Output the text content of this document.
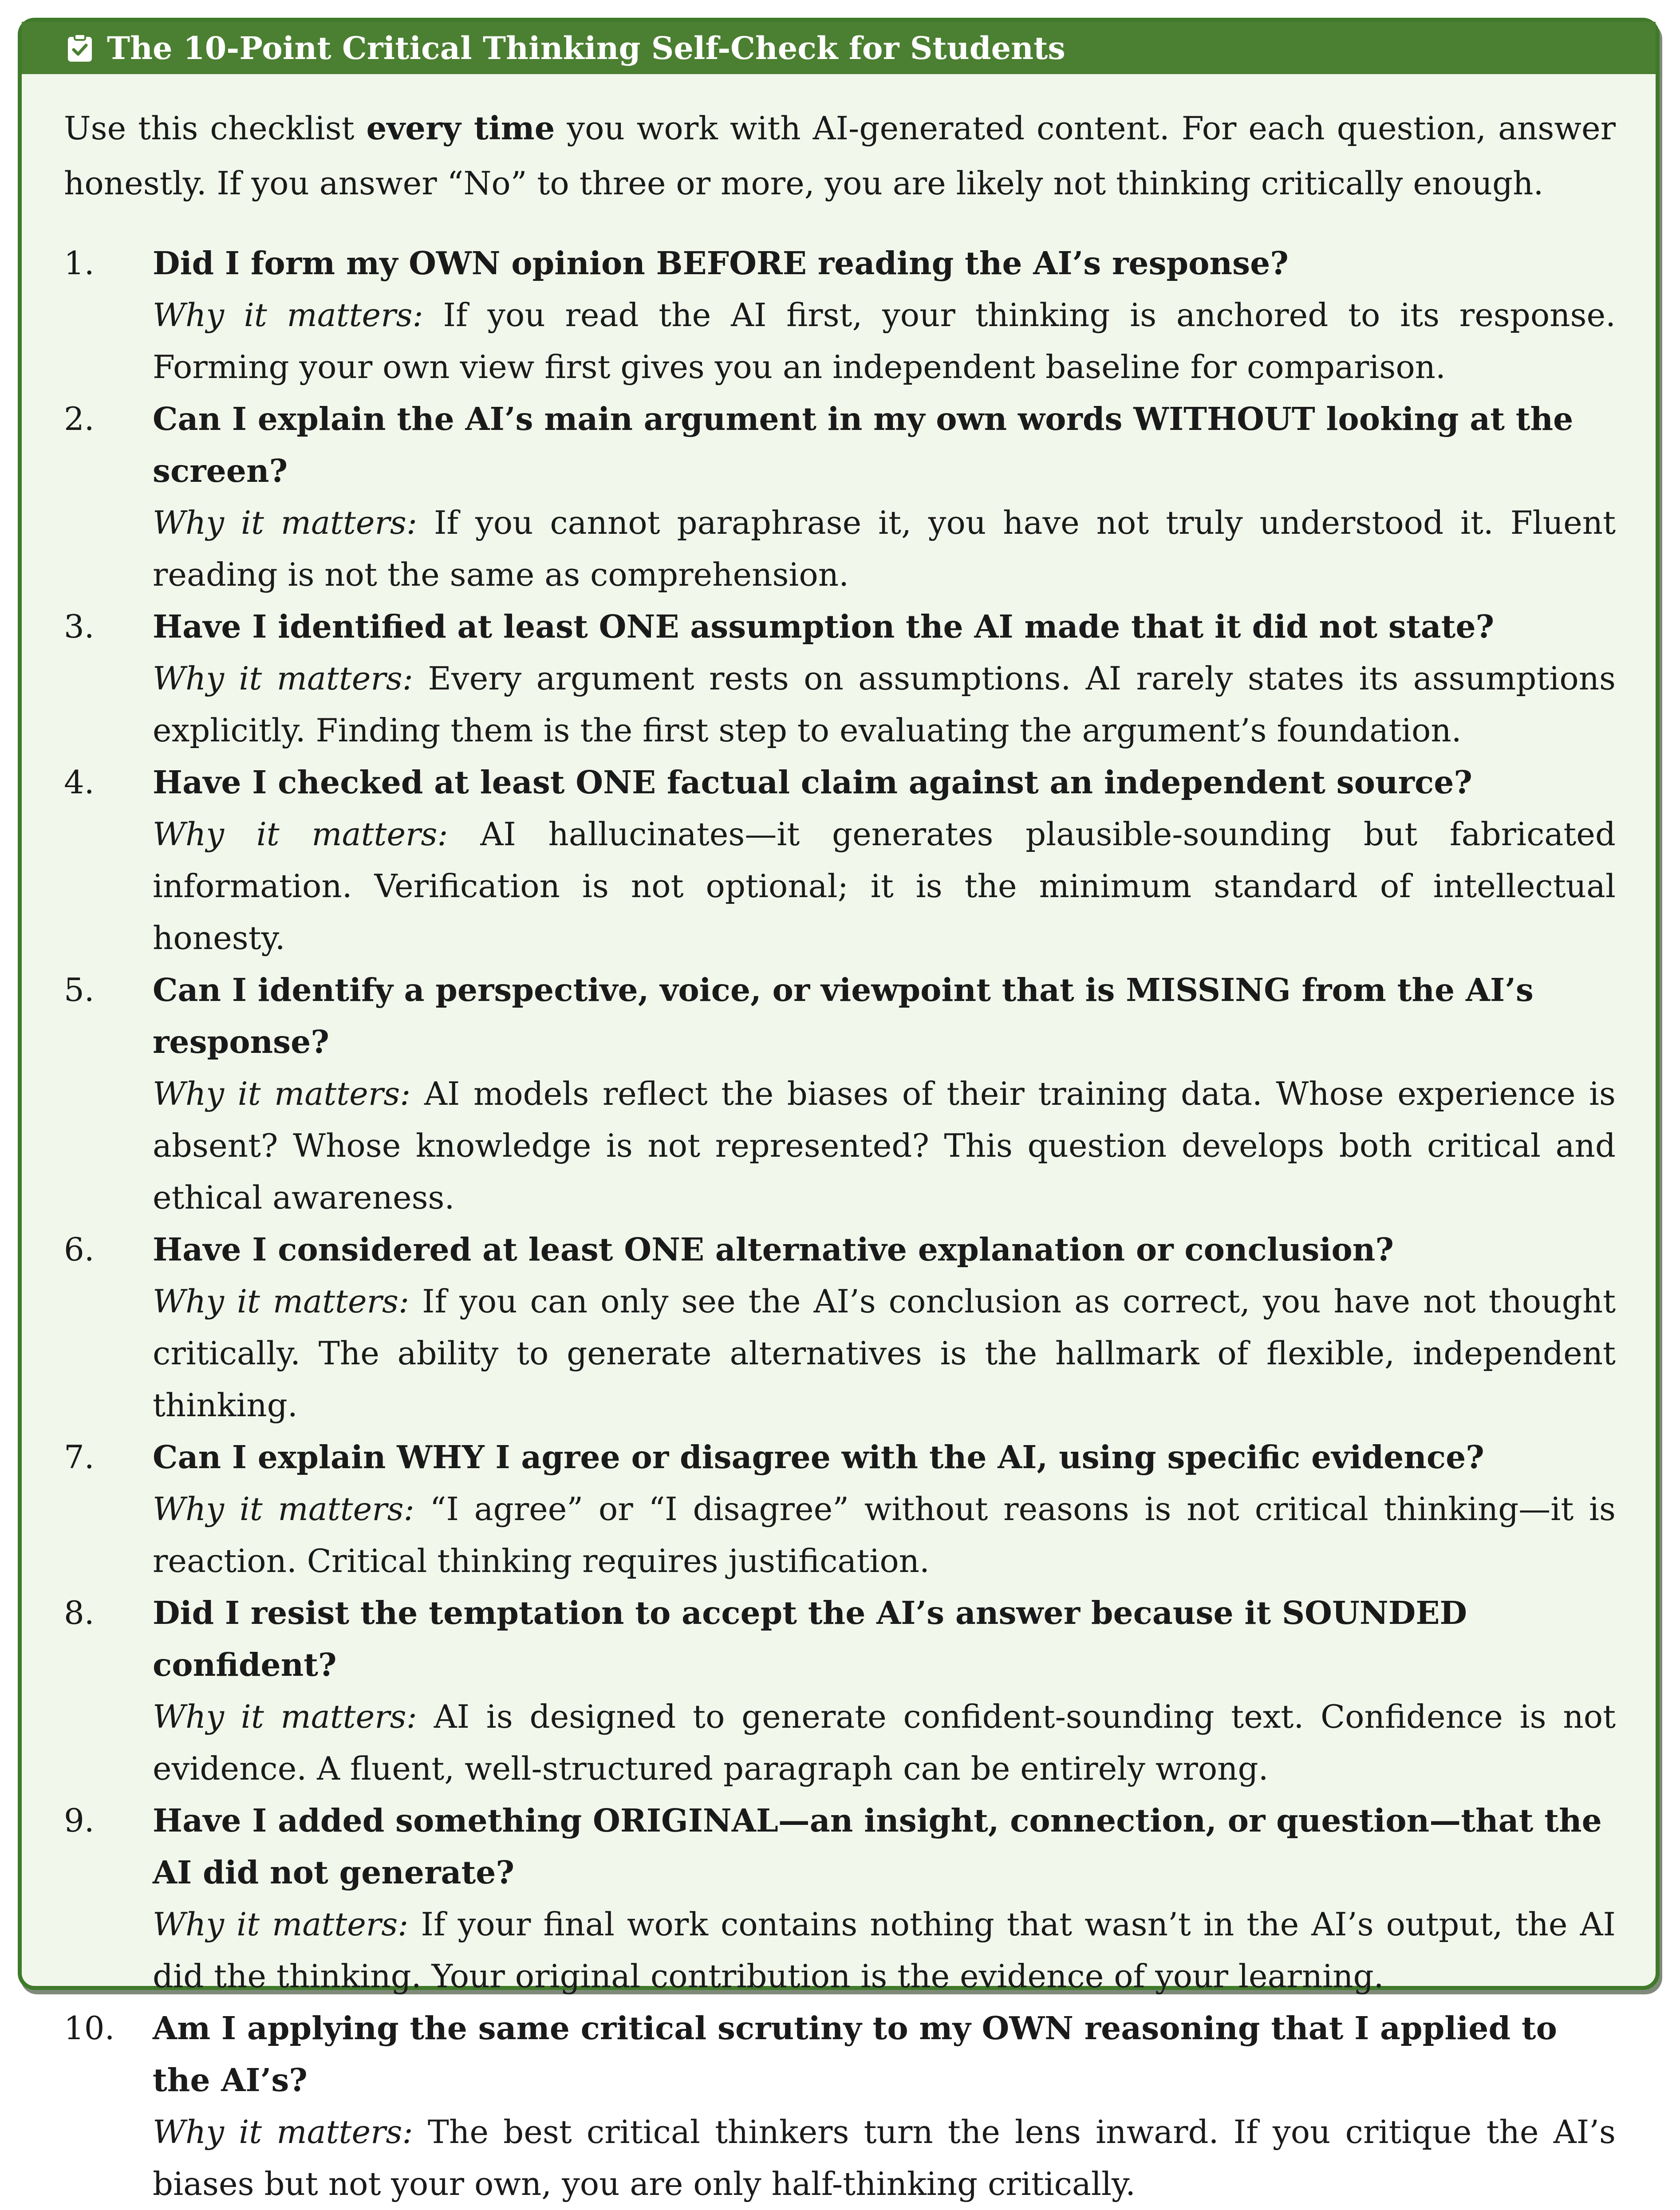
The 10-Point Critical Thinking Self-Check for Students

Use this checklist every time you work with AI-generated content. For each question, answer honestly. If you answer “No” to three or more, you are likely not thinking critically enough.

1.	Did I form my OWN opinion BEFORE reading the AI’s response?
Why it matters: If you read the AI first, your thinking is anchored to its response. Forming your own view first gives you an independent baseline for comparison.
2.	Can I explain the AI’s main argument in my own words WITHOUT looking at the screen?
Why it matters: If you cannot paraphrase it, you have not truly understood it. Fluent reading is not the same as comprehension.
3.	Have I identified at least ONE assumption the AI made that it did not state?
Why it matters: Every argument rests on assumptions. AI rarely states its assumptions explicitly. Finding them is the first step to evaluating the argument’s foundation.
4.	Have I checked at least ONE factual claim against an independent source?
Why it matters: AI hallucinates—it generates plausible-sounding but fabricated information. Verification is not optional; it is the minimum standard of intellectual honesty.
5.	Can I identify a perspective, voice, or viewpoint that is MISSING from the AI’s response?
Why it matters: AI models reflect the biases of their training data. Whose experience is absent? Whose knowledge is not represented? This question develops both critical and ethical awareness.
6.	Have I considered at least ONE alternative explanation or conclusion?
Why it matters: If you can only see the AI’s conclusion as correct, you have not thought critically. The ability to generate alternatives is the hallmark of flexible, independent thinking.
7.	Can I explain WHY I agree or disagree with the AI, using specific evidence?
Why it matters: “I agree” or “I disagree” without reasons is not critical thinking—it is reaction. Critical thinking requires justification.
8.	Did I resist the temptation to accept the AI’s answer because it SOUNDED confident?
Why it matters: AI is designed to generate confident-sounding text. Confidence is not evidence. A fluent, well-structured paragraph can be entirely wrong.
9.	Have I added something ORIGINAL—an insight, connection, or question—that the AI did not generate?
Why it matters: If your final work contains nothing that wasn’t in the AI’s output, the AI did the thinking. Your original contribution is the evidence of your learning.
10.	Am I applying the same critical scrutiny to my OWN reasoning that I applied to the AI’s?
Why it matters: The best critical thinkers turn the lens inward. If you critique the AI’s biases but not your own, you are only half-thinking critically.
